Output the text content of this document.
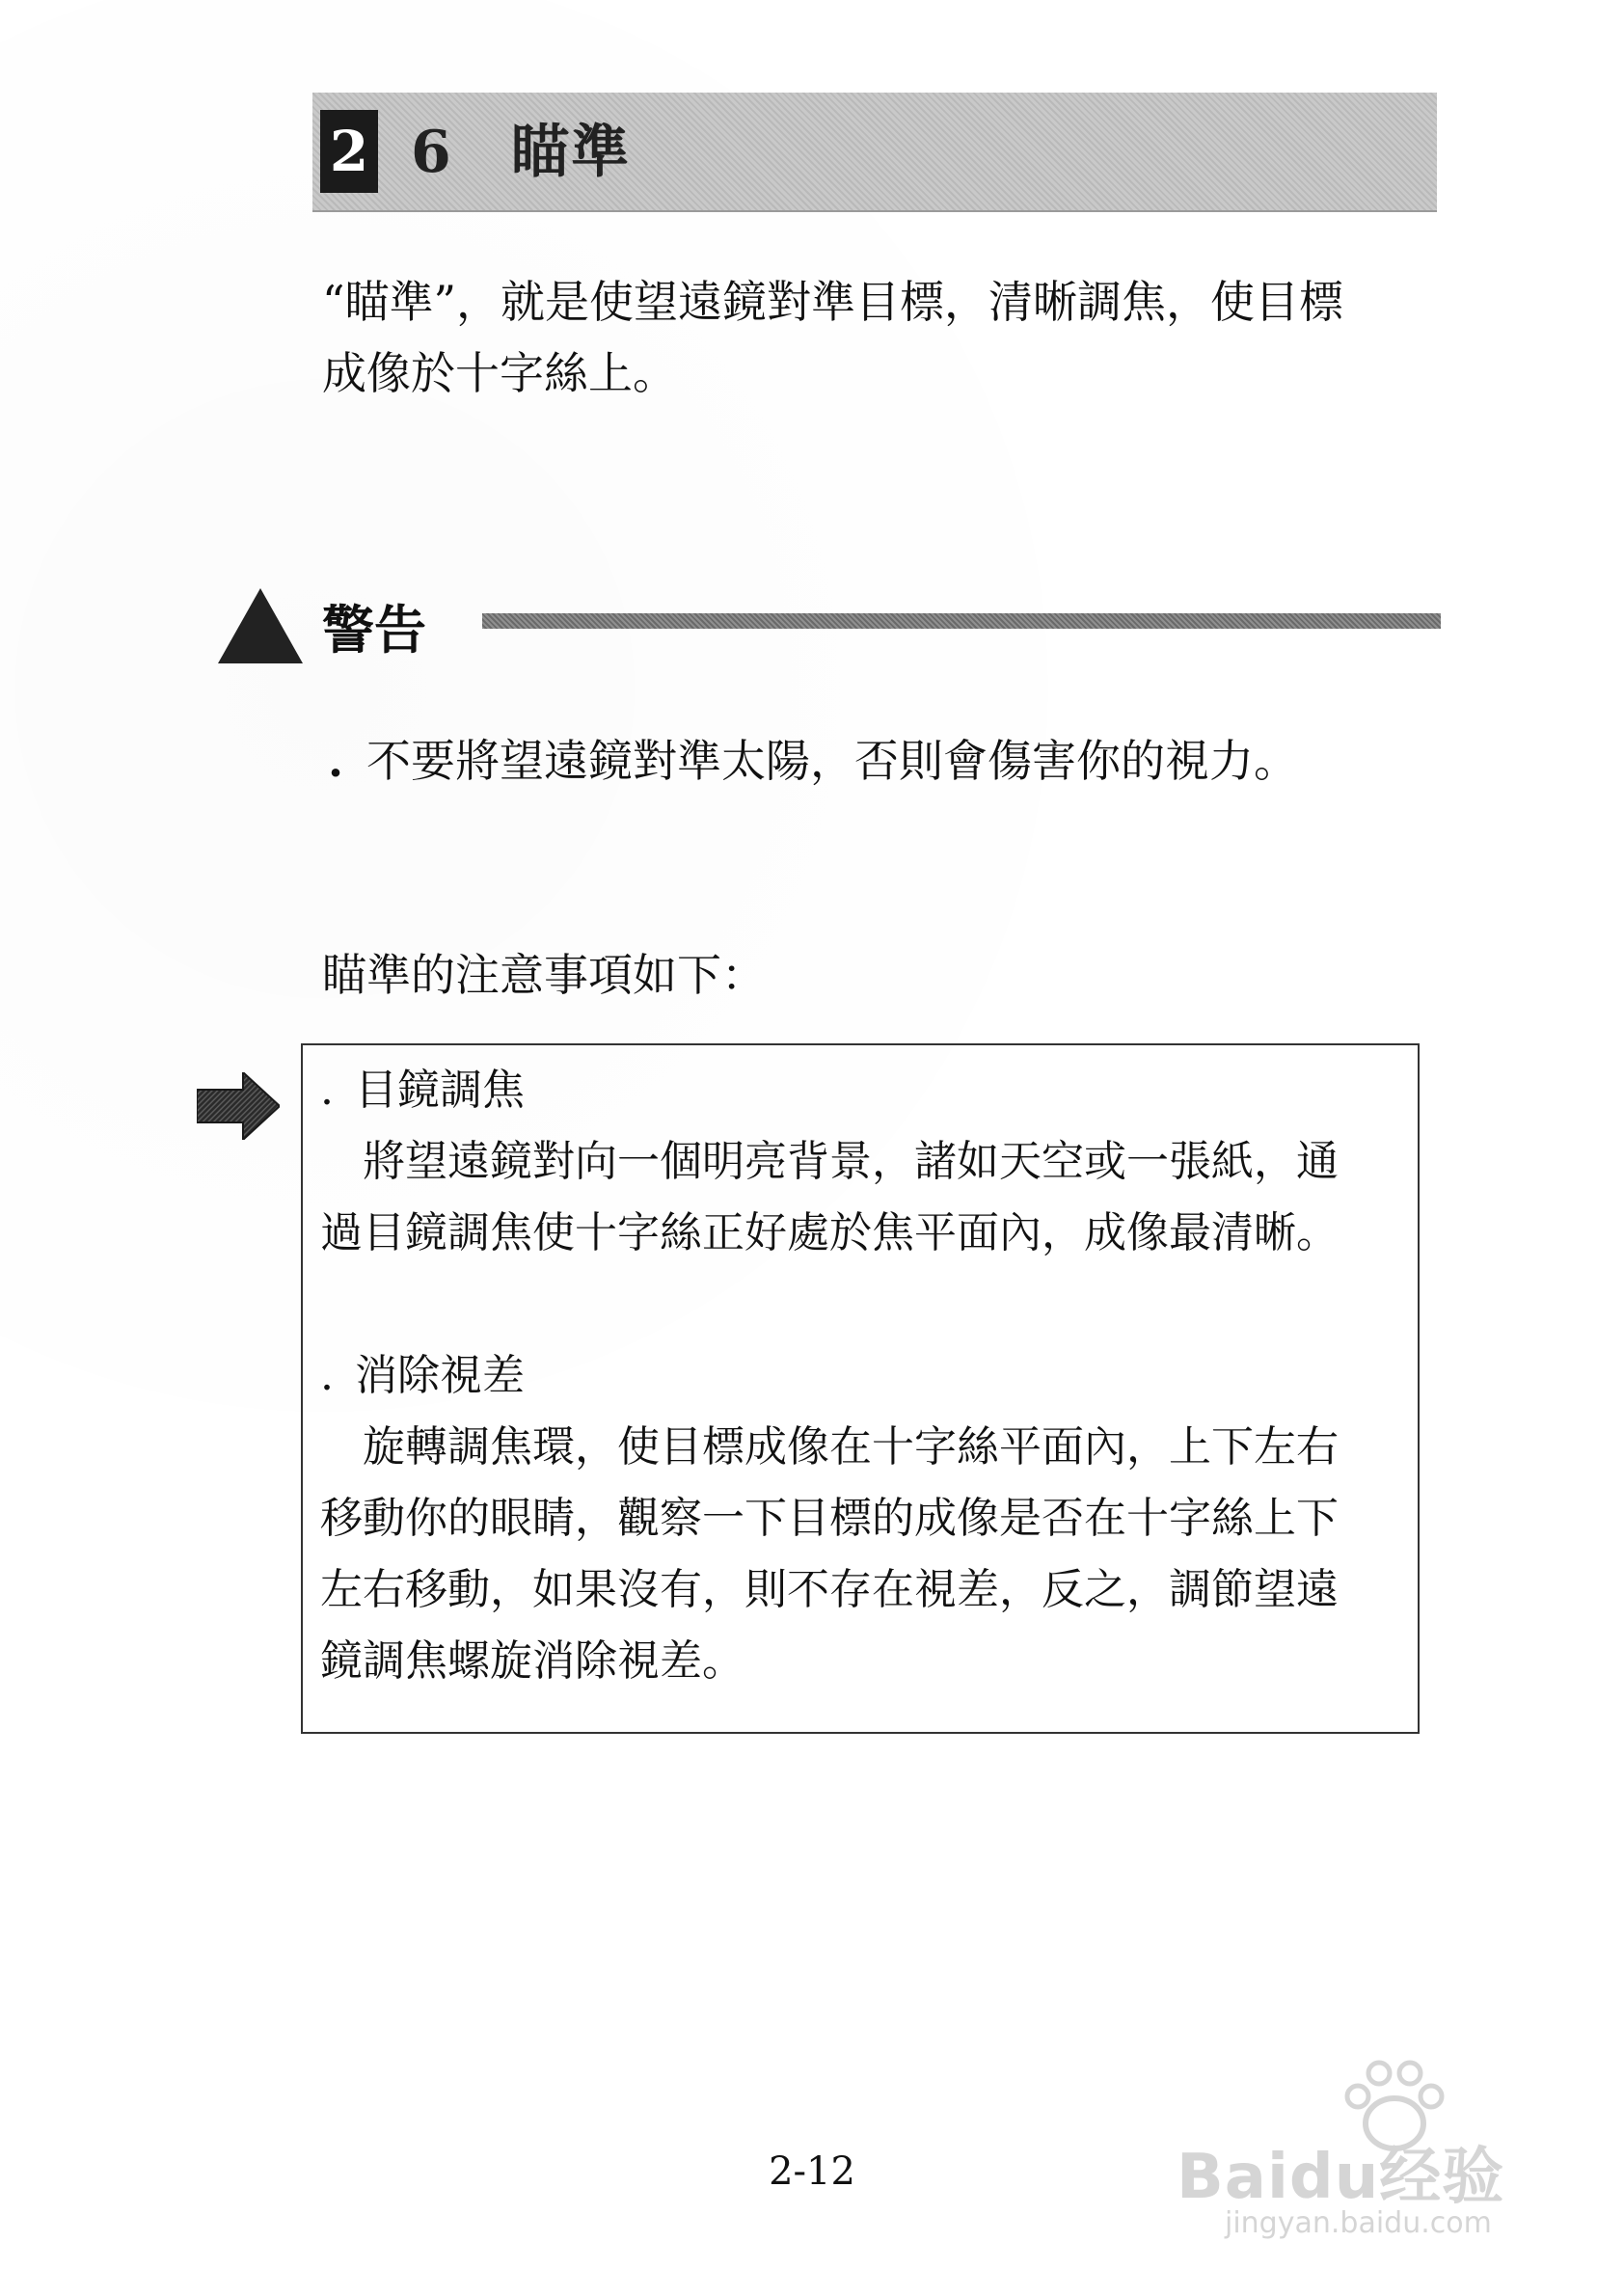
2 6 瞄準
“瞄準”，就是使望遠鏡對準目標，清晰調焦，使目標
成像於十字絲上。
警告
. 不要將望遠鏡對準太陽，否則會傷害你的視力。
瞄準的注意事項如下：
. 目鏡調焦
　將望遠鏡對向一個明亮背景，諸如天空或一張紙，通
過目鏡調焦使十字絲正好處於焦平面內，成像最清晰。
. 消除視差
　旋轉調焦環，使目標成像在十字絲平面內，上下左右
移動你的眼睛，觀察一下目標的成像是否在十字絲上下
左右移動，如果沒有，則不存在視差，反之，調節望遠
鏡調焦螺旋消除視差。
2-12	Baidu经验
jingyan.baidu.com
